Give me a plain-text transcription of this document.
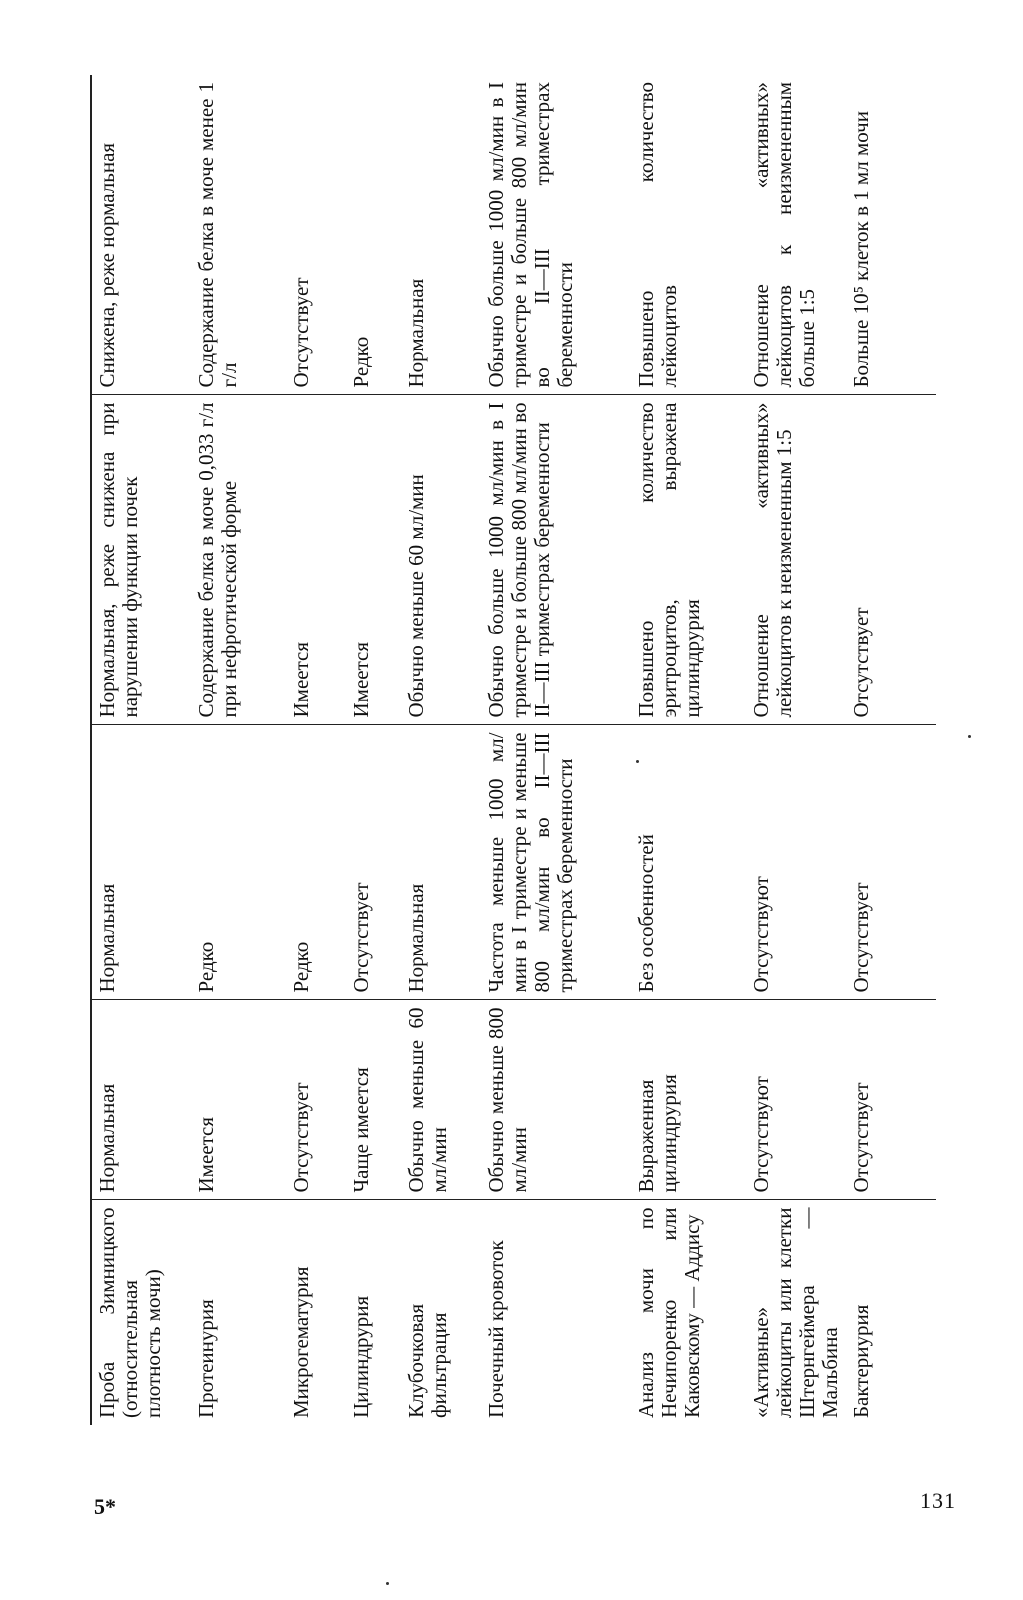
Проба Зимницкого (относительная плотность мочи)	Нормальная	Нормальная	Нормальная, реже снижена при нарушении функции почек	Снижена, реже нормальная
Протеинурия	Имеется	Редко	Содержание белка в моче 0,033 г/л при нефротической форме	Содержание белка в моче менее 1 г/л
Микрогематурия	Отсутствует	Редко	Имеется	Отсутствует
Цилиндрурия	Чаще имеется	Отсутствует	Имеется	Редко
Клубочковая фильтрация	Обычно меньше 60 мл/мин	Нормальная	Обычно меньше 60 мл/мин	Нормальная
Почечный кровоток	Обычно меньше 800 мл/мин	Частота меньше 1000 мл/мин в I триместре и меньше 800 мл/мин во II—III триместрах беременности	Обычно больше 1000 мл/мин в I триместре и больше 800 мл/мин во II—III триместрах беременности	Обычно больше 1000 мл/мин в I триместре и больше 800 мл/мин во II—III триместрах беременности
Анализ мочи по Нечипоренко или Каковскому — Аддису	Выраженная цилиндрурия	Без особенностей	Повышено количество эритроцитов, выражена цилиндрурия	Повышено количество лейкоцитов
«Активные» лейкоциты или клетки Штернгеймера — Мальбина	Отсутствуют	Отсутствуют	Отношение «активных» лейкоцитов к неизмененным 1:5	Отношение «активных» лейкоцитов к неизмененным больше 1:5
Бактериурия	Отсутствует	Отсутствует	Отсутствует	Больше 10⁵ клеток в 1 мл мочи
5*	131
